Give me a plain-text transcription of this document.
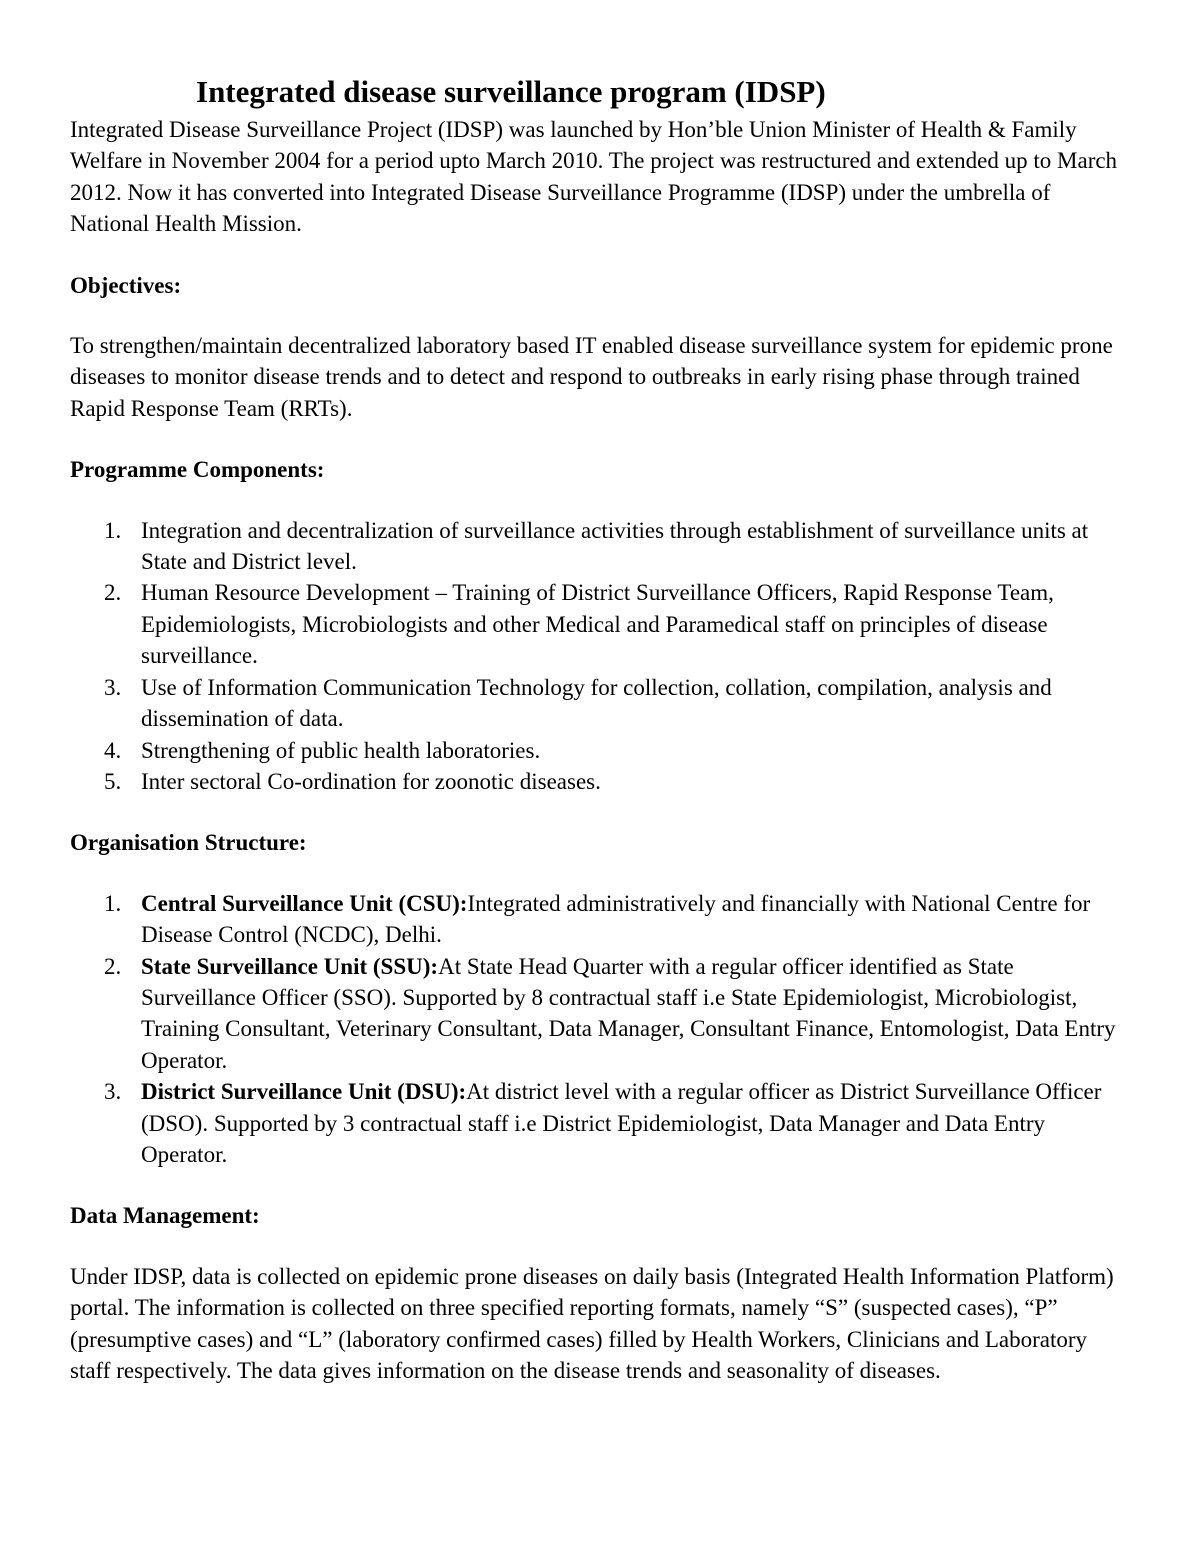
Integrated disease surveillance program (IDSP)

Integrated Disease Surveillance Project (IDSP) was launched by Hon’ble Union Minister of Health & Family Welfare in November 2004 for a period upto March 2010. The project was restructured and extended up to March 2012. Now it has converted into Integrated Disease Surveillance Programme (IDSP) under the umbrella of National Health Mission.

Objectives:

To strengthen/maintain decentralized laboratory based IT enabled disease surveillance system for epidemic prone diseases to monitor disease trends and to detect and respond to outbreaks in early rising phase through trained Rapid Response Team (RRTs).

Programme Components:
1. Integration and decentralization of surveillance activities through establishment of surveillance units at State and District level.
2. Human Resource Development – Training of District Surveillance Officers, Rapid Response Team, Epidemiologists, Microbiologists and other Medical and Paramedical staff on principles of disease surveillance.
3. Use of Information Communication Technology for collection, collation, compilation, analysis and dissemination of data.
4. Strengthening of public health laboratories.
5. Inter sectoral Co-ordination for zoonotic diseases.
Organisation Structure:
1. Central Surveillance Unit (CSU):Integrated administratively and financially with National Centre for Disease Control (NCDC), Delhi.
2. State Surveillance Unit (SSU):At State Head Quarter with a regular officer identified as State Surveillance Officer (SSO). Supported by 8 contractual staff i.e State Epidemiologist, Microbiologist, Training Consultant, Veterinary Consultant, Data Manager, Consultant Finance, Entomologist, Data Entry Operator.
3. District Surveillance Unit (DSU):At district level with a regular officer as District Surveillance Officer (DSO). Supported by 3 contractual staff i.e District Epidemiologist, Data Manager and Data Entry Operator.
Data Management:

Under IDSP, data is collected on epidemic prone diseases on daily basis (Integrated Health Information Platform) portal. The information is collected on three specified reporting formats, namely “S” (suspected cases), “P” (presumptive cases) and “L” (laboratory confirmed cases) filled by Health Workers, Clinicians and Laboratory staff respectively. The data gives information on the disease trends and seasonality of diseases.
